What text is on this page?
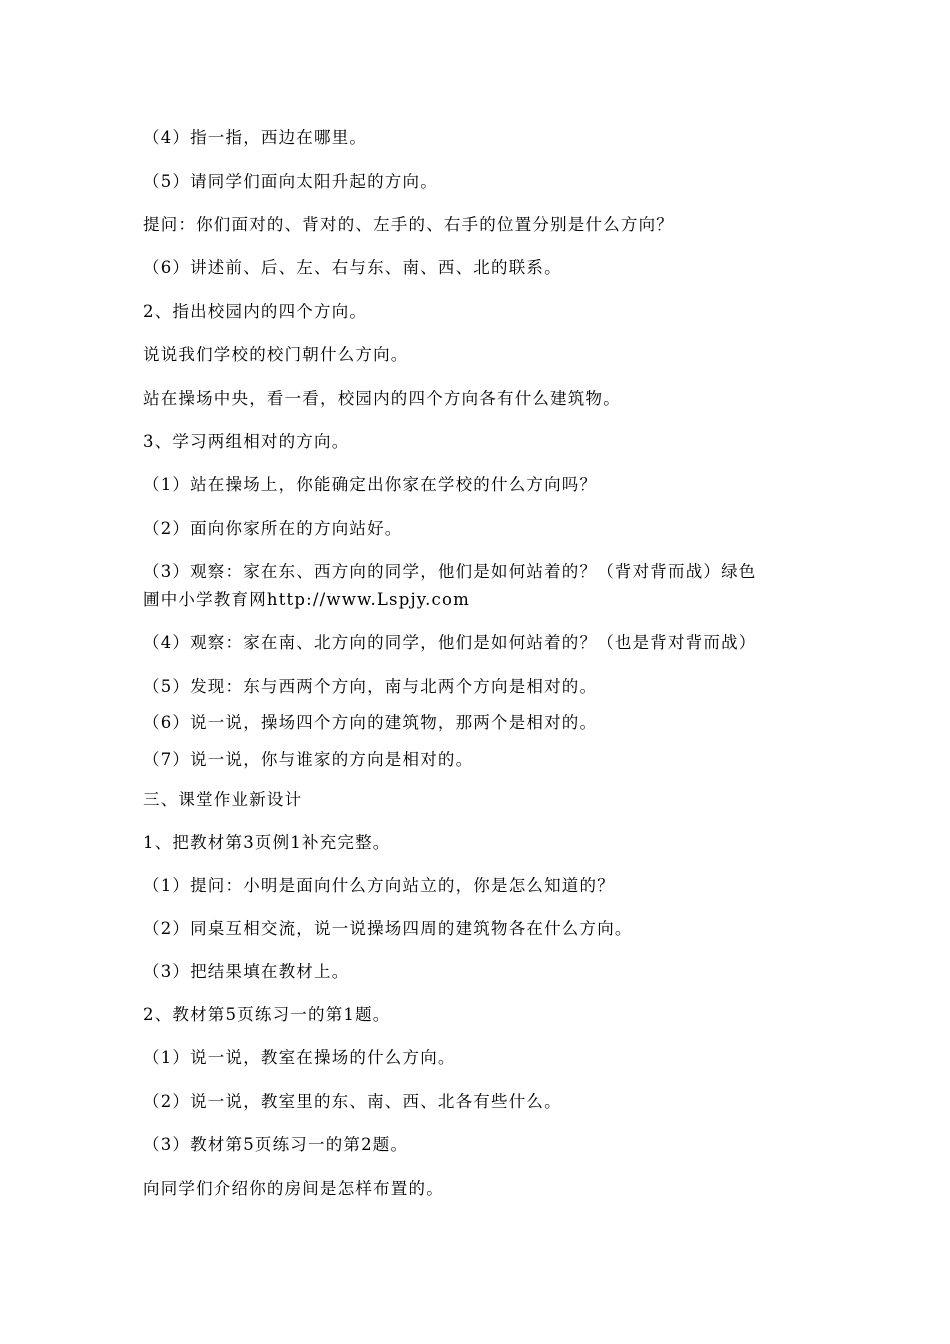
（4）指一指，西边在哪里。
（5）请同学们面向太阳升起的方向。
提问：你们面对的、背对的、左手的、右手的位置分别是什么方向？
（6）讲述前、后、左、右与东、南、西、北的联系。
2、指出校园内的四个方向。
说说我们学校的校门朝什么方向。
站在操场中央，看一看，校园内的四个方向各有什么建筑物。
3、学习两组相对的方向。
（1）站在操场上，你能确定出你家在学校的什么方向吗？
（2）面向你家所在的方向站好。
（3）观察：家在东、西方向的同学，他们是如何站着的？（背对背而战）绿色
圃中小学教育网http://www.Lspjy.com
（4）观察：家在南、北方向的同学，他们是如何站着的？（也是背对背而战）
（5）发现：东与西两个方向，南与北两个方向是相对的。
（6）说一说，操场四个方向的建筑物，那两个是相对的。
（7）说一说，你与谁家的方向是相对的。
三、课堂作业新设计
1、把教材第3页例1补充完整。
（1）提问：小明是面向什么方向站立的，你是怎么知道的？
（2）同桌互相交流，说一说操场四周的建筑物各在什么方向。
（3）把结果填在教材上。
2、教材第5页练习一的第1题。
（1）说一说，教室在操场的什么方向。
（2）说一说，教室里的东、南、西、北各有些什么。
（3）教材第5页练习一的第2题。
向同学们介绍你的房间是怎样布置的。
